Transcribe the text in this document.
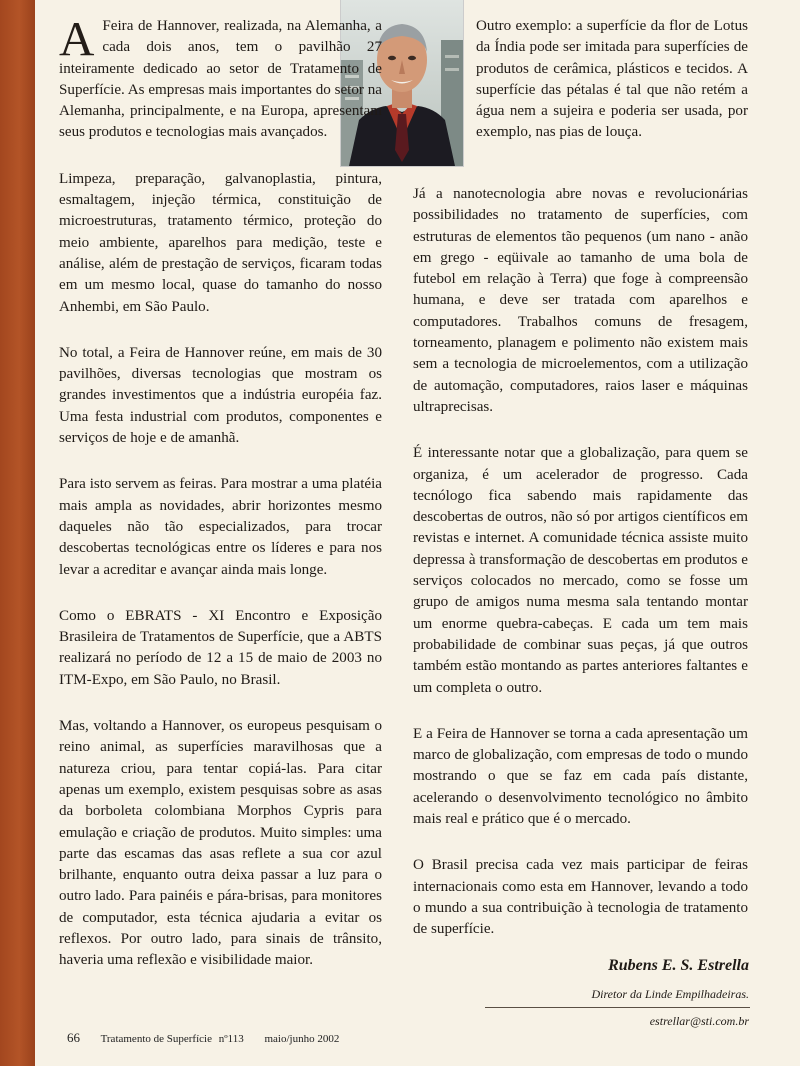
A Feira de Hannover, realizada, na Alemanha, a cada dois anos, tem o pavilhão 27 inteiramente dedicado ao setor de Tratamento de Superfície. As empresas mais importantes do setor na Alemanha, principalmente, e na Europa, apresentam seus produtos e tecnologias mais avançados.

Limpeza, preparação, galvanoplastia, pintura, esmaltagem, injeção térmica, constituição de microestruturas, tratamento térmico, proteção do meio ambiente, aparelhos para medição, teste e análise, além de prestação de serviços, ficaram todas em um mesmo local, quase do tamanho do nosso Anhembi, em São Paulo.

No total, a Feira de Hannover reúne, em mais de 30 pavilhões, diversas tecnologias que mostram os grandes investimentos que a indústria européia faz. Uma festa industrial com produtos, componentes e serviços de hoje e de amanhã.

Para isto servem as feiras. Para mostrar a uma platéia mais ampla as novidades, abrir horizontes mesmo daqueles não tão especializados, para trocar descobertas tecnológicas entre os líderes e para nos levar a acreditar e avançar ainda mais longe.

Como o EBRATS - XI Encontro e Exposição Brasileira de Tratamentos de Superfície, que a ABTS realizará no período de 12 a 15 de maio de 2003 no ITM-Expo, em São Paulo, no Brasil.

Mas, voltando a Hannover, os europeus pesquisam o reino animal, as superfícies maravilhosas que a natureza criou, para tentar copiá-las. Para citar apenas um exemplo, existem pesquisas sobre as asas da borboleta colombiana Morphos Cypris para emulação e criação de produtos. Muito simples: uma parte das escamas das asas reflete a sua cor azul brilhante, enquanto outra deixa passar a luz para o outro lado. Para painéis e pára-brisas, para monitores de computador, esta técnica ajudaria a evitar os reflexos. Por outro lado, para sinais de trânsito, haveria uma reflexão e visibilidade maior.

Outro exemplo: a superfície da flor de Lotus da Índia pode ser imitada para superfícies de produtos de cerâmica, plásticos e tecidos. A superfície das pétalas é tal que não retém a água nem a sujeira e poderia ser usada, por exemplo, nas pias de louça.

Já a nanotecnologia abre novas e revolucionárias possibilidades no tratamento de superfícies, com estruturas de elementos tão pequenos (um nano - anão em grego - eqüivale ao tamanho de uma bola de futebol em relação à Terra) que foge à compreensão humana, e deve ser tratada com aparelhos e computadores. Trabalhos comuns de fresagem, torneamento, planagem e polimento não existem mais sem a tecnologia de microelementos, com a utilização de automação, computadores, raios laser e máquinas ultraprecisas.

É interessante notar que a globalização, para quem se organiza, é um acelerador de progresso. Cada tecnólogo fica sabendo mais rapidamente das descobertas de outros, não só por artigos científicos em revistas e internet. A comunidade técnica assiste muito depressa à transformação de descobertas em produtos e serviços colocados no mercado, como se fosse um grupo de amigos numa mesma sala tentando montar um enorme quebra-cabeças. E cada um tem mais probabilidade de combinar suas peças, já que outros também estão montando as partes anteriores faltantes e um completa o outro.

E a Feira de Hannover se torna a cada apresentação um marco de globalização, com empresas de todo o mundo mostrando o que se faz em cada país distante, acelerando o desenvolvimento tecnológico no âmbito mais real e prático que é o mercado.

O Brasil precisa cada vez mais participar de feiras internacionais como esta em Hannover, levando a todo o mundo a sua contribuição à tecnologia de tratamento de superfície.

Rubens E. S. Estrella
Diretor da Linde Empilhadeiras.
estrellar@sti.com.br
66 Tratamento de Superfície nº113 maio/junho 2002
